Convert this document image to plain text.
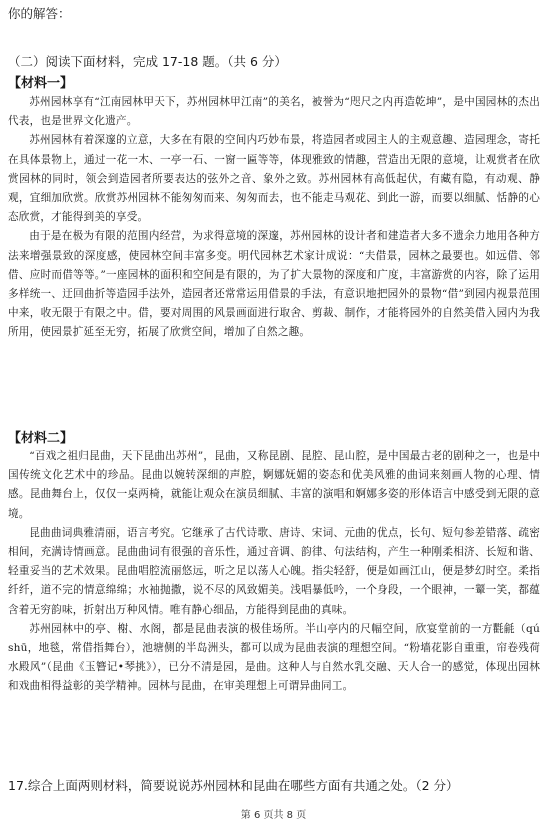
你的解答：
（二）阅读下面材料，完成 17-18 题。（共 6 分）
【材料一】

苏州园林享有“江南园林甲天下，苏州园林甲江南”的美名，被誉为“咫尺之内再造乾坤”，是中国园林的杰出代表，也是世界文化遗产。

苏州园林有着深邃的立意，大多在有限的空间内巧妙布景，将造园者或园主人的主观意趣、造园理念，寄托在具体景物上，通过一花一木、一亭一石、一窗一匾等等，体现雅致的情趣，营造出无限的意境，让观赏者在欣赏园林的同时，领会到造园者所要表达的弦外之音、象外之致。苏州园林有高低起伏，有藏有隐，有动观、静观，宜细加欣赏。欣赏苏州园林不能匆匆而来、匆匆而去，也不能走马观花、到此一游，而要以细腻、恬静的心态欣赏，才能得到美的享受。

由于是在极为有限的范围内经营，为求得意境的深邃，苏州园林的设计者和建造者大多不遗余力地用各种方法来增强景致的深度感，使园林空间丰富多变。明代园林艺术家计成说：“夫借景，园林之最要也。如远借、邻借、应时而借等等。”一座园林的面积和空间是有限的，为了扩大景物的深度和广度，丰富游赏的内容，除了运用多样统一、迂回曲折等造园手法外，造园者还常常运用借景的手法，有意识地把园外的景物“借”到园内视景范围中来，收无限于有限之中。借，要对周围的风景画面进行取舍、剪裁、制作，才能将园外的自然美借入园内为我所用，使园景扩延至无穷，拓展了欣赏空间，增加了自然之趣。

【材料二】

“百戏之祖归昆曲，天下昆曲出苏州”，昆曲，又称昆剧、昆腔、昆山腔，是中国最古老的剧种之一，也是中国传统文化艺术中的珍品。昆曲以婉转深细的声腔，婀娜妩媚的姿态和优美风雅的曲词来刻画人物的心理、情感。昆曲舞台上，仅仅一桌两椅，就能让观众在演员细腻、丰富的演唱和婀娜多姿的形体语言中感受到无限的意境。

昆曲曲词典雅清丽，语言考究。它继承了古代诗歌、唐诗、宋词、元曲的优点，长句、短句参差错落、疏密相间，充满诗情画意。昆曲曲词有很强的音乐性，通过音调、韵律、句法结构，产生一种刚柔相济、长短和谐、轻重妥当的艺术效果。昆曲唱腔流丽悠远，听之足以荡人心魄。指尖轻舒，便是如画江山，便是梦幻时空。柔指纤纤，道不完的情意绵绵；水袖抛撒，说不尽的风致媚美。浅唱暴低吟，一个身段，一个眼神，一颦一笑，都蕴含着无穷韵味，折射出万种风情。唯有静心细品，方能得到昆曲的真味。

苏州园林中的亭、榭、水阁，都是昆曲表演的极佳场所。半山亭内的尺幅空间，欣宴堂前的一方氍毹（qú shū，地毯，常借指舞台），池塘侧的半岛洲头，都可以成为昆曲表演的理想空间。“粉墙花影自重重，帘卷残荷水殿风”（昆曲《玉簪记•琴挑》），已分不清是园，是曲。这种人与自然水乳交融、天人合一的感觉，体现出园林和戏曲相得益彰的美学精神。园林与昆曲，在审美理想上可谓异曲同工。

17.综合上面两则材料，简要说说苏州园林和昆曲在哪些方面有共通之处。（2 分）
第 6 页共 8 页
